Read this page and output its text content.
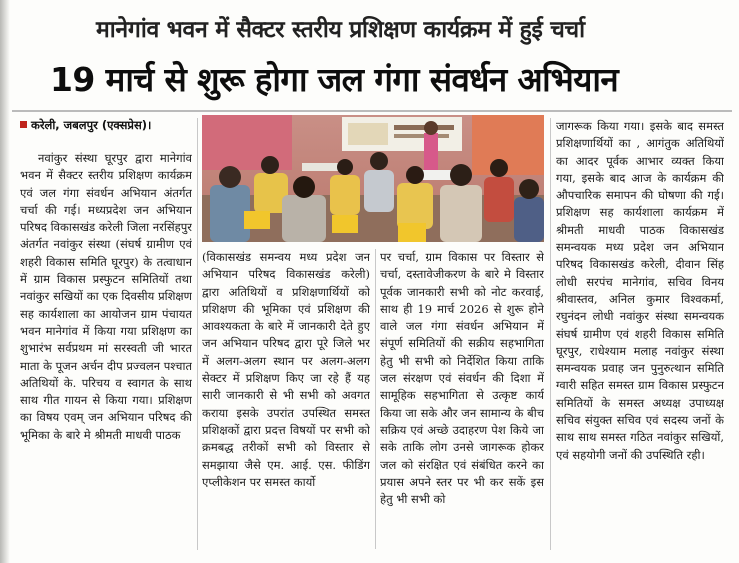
मानेगांव भवन में सैक्टर स्तरीय प्रशिक्षण कार्यक्रम में हुई चर्चा
19 मार्च से शुरू होगा जल गंगा संवर्धन अभियान
करेली, जबलपुर (एक्सप्रेस)।

नवांकुर संस्था घूरपुर द्वारा मानेगांव भवन में सैक्टर स्तरीय प्रशिक्षण कार्यक्रम एवं जल गंगा संवर्धन अभियान अंतर्गत चर्चा की गई। मध्यप्रदेश जन अभियान परिषद विकासखंड करेली जिला नरसिंहपुर अंतर्गत नवांकुर संस्था (संघर्ष ग्रामीण एवं शहरी विकास समिति घूरपुर) के तत्वाधान में ग्राम विकास प्रस्फुटन समितियों तथा नवांकुर सखियों का एक दिवसीय प्रशिक्षण सह कार्यशाला का आयोजन ग्राम पंचायत भवन मानेगांव में किया गया प्रशिक्षण का शुभारंभ सर्वप्रथम मां सरस्वती जी भारत माता के पूजन अर्चन दीप प्रज्वलन पश्चात अतिथियों के. परिचय व स्वागत के साथ साथ गीत गायन से किया गया। प्रशिक्षण का विषय एवम् जन अभियान परिषद की भूमिका के बारे मे श्रीमती माधवी पाठक

(विकासखंड समन्वय मध्य प्रदेश जन अभियान परिषद विकासखंड करेली) द्वारा अतिथियों व प्रशिक्षणार्थियों को प्रशिक्षण की भूमिका एवं प्रशिक्षण की आवश्यकता के बारे में जानकारी देते हुए जन अभियान परिषद द्वारा पूरे जिले भर में अलग-अलग स्थान पर अलग-अलग सेक्टर में प्रशिक्षण किए जा रहे हैं यह सारी जानकारी से भी सभी को अवगत कराया इसके उपरांत उपस्थित समस्त प्रशिक्षकों द्वारा प्रदत्त विषयों पर सभी को क्रमबद्ध तरीकों सभी को विस्तार से समझाया जैसे एम. आई. एस. फीडिंग एप्लीकेशन पर समस्त कार्यो

पर चर्चा, ग्राम विकास पर विस्तार से चर्चा, दस्तावेजीकरण के बारे मे विस्तार पूर्वक जानकारी सभी को नोट करवाई, साथ ही 19 मार्च 2026 से शुरू होने वाले जल गंगा संवर्धन अभियान में संपूर्ण समितियों की सक्रीय सहभागिता हेतु भी सभी को निर्देशित किया ताकि जल संरक्षण एवं संवर्धन की दिशा में सामूहिक सहभागिता से उत्कृष्ट कार्य किया जा सके और जन सामान्य के बीच सक्रिय एवं अच्छे उदाहरण पेश किये जा सके ताकि लोग उनसे जागरूक होकर जल को संरक्षित एवं संबंधित करने का प्रयास अपने स्तर पर भी कर सकें इस हेतु भी सभी को

जागरूक किया गया। इसके बाद समस्त प्रशिक्षणार्थियों का , आगंतुक अतिथियों का आदर पूर्वक आभार व्यक्त किया गया, इसके बाद आज के कार्यक्रम की औपचारिक समापन की घोषणा की गई। प्रशिक्षण सह कार्यशाला कार्यक्रम में श्रीमती माधवी पाठक विकासखंड समन्वयक मध्य प्रदेश जन अभियान परिषद विकासखंड करेली, दीवान सिंह लोधी सरपंच मानेगांव, सचिव विनय श्रीवास्तव, अनिल कुमार विश्वकर्मा, रघुनंदन लोधी नवांकुर संस्था समन्वयक संघर्ष ग्रामीण एवं शहरी विकास समिति घूरपुर, राधेश्याम मलाह नवांकुर संस्था समन्वयक प्रवाह जन पुनुरुत्थान समिति ग्वारी सहित समस्त ग्राम विकास प्रस्फुटन समितियों के समस्त अध्यक्ष उपाध्यक्ष सचिव संयुक्त सचिव एवं सदस्य जनों के साथ साथ समस्त गठित नवांकुर सखियों, एवं सहयोगी जनों की उपस्थिति रही।
